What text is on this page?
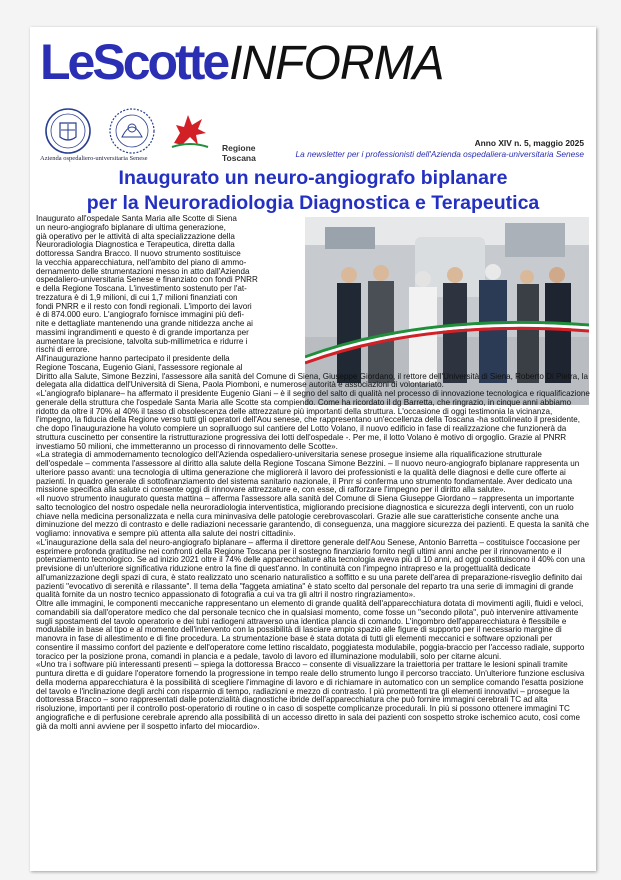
LeScotteINFORMA
Azienda ospedaliero-universitaria Senese
Regione Toscana
Anno XIV n. 5, maggio 2025
La newsletter per i professionisti dell'Azienda ospedaliera-universitaria Senese
Inaugurato un neuro-angiografo biplanare
per la Neuroradiologia Diagnostica e Terapeutica

Inaugurato all'ospedale Santa Maria alle Scotte di Siena

un neuro-angiografo biplanare di ultima generazione,

già operativo per le attività di alta specializzazione della

Neuroradiologia Diagnostica e Terapeutica, diretta dalla

dottoressa Sandra Bracco. Il nuovo strumento sostituisce

la vecchia apparecchiatura, nell'ambito del piano di ammo-

dernamento delle strumentazioni messo in atto dall'Azienda

ospedaliero-universitaria Senese e finanziato con fondi PNRR

e della Regione Toscana. L'investimento sostenuto per l'at-

trezzatura è di 1,9 milioni, di cui 1,7 milioni finanziati con

fondi PNRR e il resto con fondi regionali. L'importo dei lavori

è di 874.000 euro. L'angiografo fornisce immagini più defi-

nite e dettagliate mantenendo una grande nitidezza anche ai

massimi ingrandimenti e questo è di grande importanza per

aumentare la precisione, talvolta sub-millimetrica e ridurre i

rischi di errore.

All'inaugurazione hanno partecipato il presidente della

Regione Toscana, Eugenio Giani, l'assessore regionale al

Diritto alla Salute, Simone Bezzini, l'assessore alla sanità del Comune di Siena, Giuseppe Giordano, il rettore dell'Università di Siena, Roberto Di Pietra, la delegata alla didattica dell'Università di Siena, Paola Piomboni, e numerose autorità e associazioni di volontariato.

«L'angiografo biplanare– ha affermato il presidente Eugenio Giani – è il segno del salto di qualità nel processo di innovazione tecnologica e riqualificazione generale della struttura che l'ospedale Santa Maria alle Scotte sta compiendo. Come ha ricordato il dg Barretta, che ringrazio, in cinque anni abbiamo ridotto da oltre il 70% al 40% il tasso di obsolescenza delle attrezzature più importanti della struttura. L'occasione di oggi testimonia la vicinanza, l'impegno, la fiducia della Regione verso tutti gli operatori dell'Aou senese, che rappresentano un'eccellenza della Toscana -ha sottolineato il presidente, che dopo l'inaugurazione ha voluto compiere un sopralluogo sul cantiere del Lotto Volano, il nuovo edificio in fase di realizzazione che funzionerà da struttura cuscinetto per consentire la ristrutturazione progressiva dei lotti dell'ospedale -. Per me, il lotto Volano è motivo di orgoglio. Grazie al PNRR investiamo 50 milioni, che immetteranno un processo di rinnovamento delle Scotte».

«La strategia di ammodernamento tecnologico dell'Azienda ospedaliero-universitaria senese prosegue insieme alla riqualificazione strutturale dell'ospedale – commenta l'assessore al diritto alla salute della Regione Toscana Simone Bezzini. – Il nuovo neuro-angiografo biplanare rappresenta un ulteriore passo avanti: una tecnologia di ultima generazione che migliorerà il lavoro dei professionisti e la qualità delle diagnosi e delle cure offerte ai pazienti. In quadro generale di sottofinanziamento del sistema sanitario nazionale, il Pnrr si conferma uno strumento fondamentale. Aver dedicato una missione specifica alla salute ci consente oggi di rinnovare attrezzature e, con esse, di rafforzare l'impegno per il diritto alla salute».

«Il nuovo strumento inaugurato questa mattina – afferma l'assessore alla sanità del Comune di Siena Giuseppe Giordano – rappresenta un importante salto tecnologico del nostro ospedale nella neuroradiologia interventistica, migliorando precisione diagnostica e sicurezza degli interventi, con un ruolo chiave nella medicina personalizzata e nella cura mininvasiva delle patologie cerebrovascolari. Grazie alle sue caratteristiche consente anche una diminuzione del mezzo di contrasto e delle radiazioni necessarie garantendo, di conseguenza, una maggiore sicurezza dei pazienti. E questa la sanità che vogliamo: innovativa e sempre più attenta alla salute dei nostri cittadini».

«L'inaugurazione della sala del neuro-angiografo biplanare – afferma il direttore generale dell'Aou Senese, Antonio Barretta – costituisce l'occasione per esprimere profonda gratitudine nei confronti della Regione Toscana per il sostegno finanziario fornito negli ultimi anni anche per il rinnovamento e il potenziamento tecnologico. Se ad inizio 2021 oltre il 74% delle apparecchiature alta tecnologia aveva più di 10 anni, ad oggi costituiscono il 40% con una previsione di un'ulteriore significativa riduzione entro la fine di quest'anno. In continuità con l'impegno intrapreso e la progettualità dedicate all'umanizzazione degli spazi di cura, è stato realizzato uno scenario naturalistico a soffitto e su una parete dell'area di preparazione-risveglio definito dai pazienti "evocativo di serenità e rilassante". Il tema della "faggeta amiatina" è stato scelto dal personale del reparto tra una serie di immagini di grande qualità fornite da un nostro tecnico appassionato di fotografia a cui va tra gli altri il nostro ringraziamento».

Oltre alle immagini, le componenti meccaniche rappresentano un elemento di grande qualità dell'apparecchiatura dotata di movimenti agili, fluidi e veloci, comandabili sia dall'operatore medico che dal personale tecnico che in qualsiasi momento, come fosse un "secondo pilota", può intervenire attivamente sugli spostamenti del tavolo operatorio e dei tubi radiogeni attraverso una identica plancia di comando. L'ingombro dell'apparecchiatura è flessibile e modulabile in base al tipo e al momento dell'intervento con la possibilità di lasciare ampio spazio alle figure di supporto per il necessario margine di manovra in fase di allestimento e di fine procedura. La strumentazione base è stata dotata di tutti gli elementi meccanici e software opzionali per consentire il massimo confort del paziente e dell'operatore come lettino riscaldato, poggiatesta modulabile, poggia-braccio per l'accesso radiale, supporto toracico per la posizione prona, comandi in plancia e a pedale, tavolo di lavoro ed illuminazione modulabili, solo per citarne alcuni.

«Uno tra i software più interessanti presenti – spiega la dottoressa Bracco – consente di visualizzare la traiettoria per trattare le lesioni spinali tramite puntura diretta e di guidare l'operatore fornendo la progressione in tempo reale dello strumento lungo il percorso tracciato. Un'ulteriore funzione esclusiva della moderna apparecchiatura è la possibilità di scegliere l'immagine di lavoro e di richiamare in automatico con un semplice comando l'esatta posizione del tavolo e l'inclinazione degli archi con risparmio di tempo, radiazioni e mezzo di contrasto. I più promettenti tra gli elementi innovativi – prosegue la dottoressa Bracco – sono rappresentati dalle potenzialità diagnostiche ibride dell'apparecchiatura che può fornire immagini cerebrali TC ad alta risoluzione, importanti per il controllo post-operatorio di routine o in caso di sospette complicanze procedurali. In più si possono ottenere immagini TC angiografiche e di perfusione cerebrale aprendo alla possibilità di un accesso diretto in sala dei pazienti con sospetto stroke ischemico acuto, così come già da molti anni avviene per il sospetto infarto del miocardio».
